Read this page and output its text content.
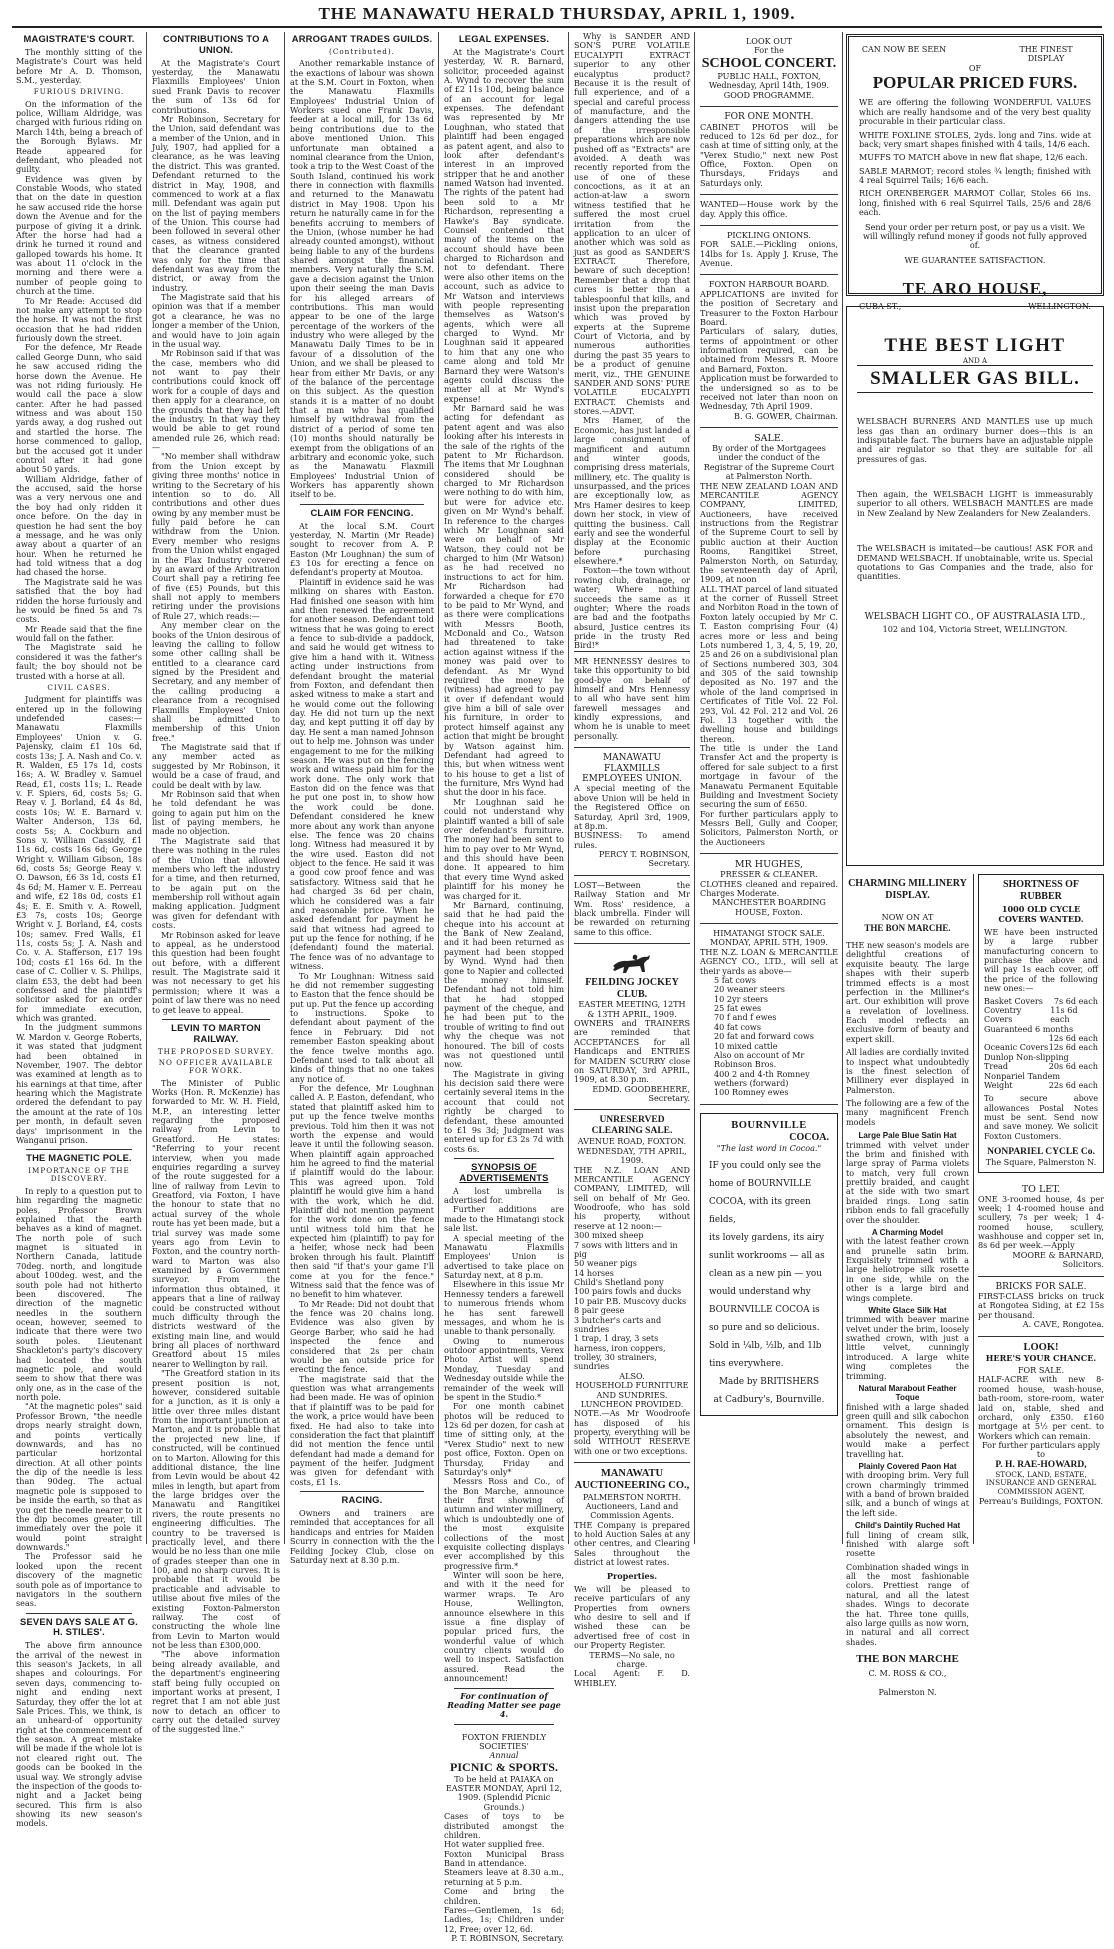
THE MANAWATU HERALD THURSDAY, APRIL 1, 1909.
MAGISTRATE'S COURT.

The monthly sitting of the Magistrate's Court was held before Mr A. D. Thomson, S.M., yesterday.

FURIOUS DRIVING.

On the information of the police, William Aldridge, was charged with furious riding on March 14th, being a breach of the Borough Bylaws. Mr Reade appeared for defendant, who pleaded not guilty.

Evidence was given by Constable Woods, who stated that on the date in question he saw accused ride the horse down the Avenue and for the purpose of giving it a drink. After the horse had had a drink he turned it round and galloped towards his home. It was about 11 o'clock in the morning and there were a number of people going to church at the time.

To Mr Reade: Accused did not make any attempt to stop the horse. It was not the first occasion that he had ridden furiously down the street.

For the defence, Mr Reade called George Dunn, who said he saw accused riding the horse down the Avenue. He was not riding furiously. He would call the pace a slow canter. After he had passed witness and was about 150 yards away, a dog rushed out and startled the horse. The horse commenced to gallop, but the accused got it under control after it had gone about 50 yards.

William Aldridge, father of the accused, said the horse was a very nervous one and the boy had only ridden it once before. On the day in question he had sent the boy a message, and he was only away about a quarter of an hour. When he returned he had told witness that a dog had chased the horse.

The Magistrate said he was satisfied that the boy had ridden the horse furiously and he would be fined 5s and 7s costs.

Mr Reade said that the fine would fall on the father.

The Magistrate said he considered it was the father's fault; the boy should not be trusted with a horse at all.

CIVIL CASES.

Judgment for plaintiffs was entered up in the following undefended cases:—Manawatu Flaxmills Employees' Union v. G. Pajensky, claim £1 10s 6d, costs 13s; J. A. Nash and Co. v. R. Walden, £5 17s 1d, costs 16s; A. W. Bradley v. Samuel Read, £1, costs 11s; L. Reade v. F. Spiers, 6d, costs 5s; G. Reay v. J. Borland, £4 4s 8d, costs 10s; W. E. Barnard v. Walter Anderson, 13s 6d, costs 5s; A. Cockburn and Sons v. William Cassidy, £1 11s 6d, costs 16s 6d; George Wright v. William Gibson, 18s 6d, costs 5s; George Reay v. O. Dawson, £6 3s 1d, costs £1 4s 6d; M. Hamer v. E. Perreau and wife, £2 18s 0d, costs £1 4s; E. E. Smith v. A. Rowell, £3 7s, costs 10s; George Wright v. J. Borland, £4, costs 10s; samev. Fred Walls, £1 11s, costs 5s; J. A. Nash and Co. v. A. Stafferson, £17 19s 10d; costs £1 16s 6d. In the case of C. Collier v. S. Philips, claim £53, the debt had been confessed and the plaintiff's solicitor asked for an order for immediate execution, which was granted.

In the judgment summons W. Mardon v. George Roberts, it was stated that judgment had been obtained in November, 1907. The debtor was examined at length as to his earnings at that time, after hearing which the Magistrate ordered the defendant to pay the amount at the rate of 10s per month, in default seven days' imprisonment in the Wanganui prison.

THE MAGNETIC POLE.
IMPORTANCE OF THE DISCOVERY.

In reply to a question put to him regarding the magnetic poles, Professor Brown explained that the earth behaves as a kind of magnet. The north pole of such magnet is situated in Northern Canada, latitude 70deg. north, and longitude about 100deg. west, and the south pole had not hitherto been discovered. The direction of the magnetic needles in the southern ocean, however, seemed to indicate that there were two south poles. Lieutenant Shackleton's party's discovery had located the south magnetic pole, and would seem to show that there was only one, as in the case of the north pole.

"At the magnetic poles" said Professor Brown, "the needle drops nearly straight down, and points vertically downwards, and has no particular horizontal direction. At all other points the dip of the needle is less than 90deg. The actual magnetic pole is supposed to be inside the earth, so that as you get the needle nearer to it the dip becomes greater, till immediately over the pole it would point straight downwards."

The Professor said he looked upon the recent discovery of the magnetic south pole as of importance to navigators in the southern seas.

SEVEN DAYS SALE AT G. H. STILES'.

The above firm announce the arrival of the newest in this season's Jackets, in all shapes and colourings. For seven days, commencing to-night and ending next Saturday, they offer the lot at Sale Prices. This, we think, is an unheard-of opportunity right at the commencement of the season. A great mistake will be made if the whole lot is not cleared right out. The goods can be booked in the usual way. We strongly advise the inspection of the goods to-night and a Jacket being secured. This firm is also showing its new season's models.

CONTRIBUTIONS TO A UNION.

At the Magistrate's Court yesterday, the Manawatu Flaxmills Employees' Union sued Frank Davis to recover the sum of 13s 6d for contributions.

Mr Robinson, Secretary for the Union, said defendant was a member of the Union, and in July, 1907, had applied for a clearance, as he was leaving the district. This was granted. Defendant returned to the district in May, 1908, and commenced to work at a flax mill. Defendant was again put on the list of paying members of the Union. This course had been followed in several other cases, as witness considered that the clearance granted was only for the time that defendant was away from the district, or away from the industry.

The Magistrate said that his opinion was that if a member got a clearance, he was no longer a member of the Union, and would have to join again in the usual way.

Mr Robinson said if that was the case, members who did not want to pay their contributions could knock off work for a couple of days and then apply for a clearance, on the grounds that they had left the industry. In that way they would be able to get round amended rule 26, which read:—

"No member shall withdraw from the Union except by giving three months' notice in writing to the Secretary of his intention so to do. All contributions and other dues owing by any member must be fully paid before he can withdraw from the Union. Every member who resigns from the Union whilst engaged in the Flax Industry covered by an award of the Arbitration Court shall pay a retiring fee of five (£5) Pounds, but this shall not apply to members retiring under the provisions of Rule 27, which reads:—

Any member clear on the books of the Union desirous of leaving the calling to follow some other calling shall be entitled to a clearance card signed by the President and Secretary, and any member of the calling producing a clearance from a recognised Flaxmills Employees' Union shall be admitted to membership of this Union free."

The Magistrate said that if any member acted as suggested by Mr Robinson, it would be a case of fraud, and could be dealt with by law.

Mr Robinson said that when he told defendant he was going to again put him on the list of paying members, he made no objection.

The Magistrate said that there was nothing in the rules of the Union that allowed members who left the industry for a time, and then returned, to be again put on the membership roll without again making application. Judgment was given for defendant with costs.

Mr Robinson asked for leave to appeal, as he understood this question had been fought out before, with a different result. The Magistrate said it was not necessary to get his permission; where it was a point of law there was no need to get leave to appeal.

LEVIN TO MARTON RAILWAY.
THE PROPOSED SURVEY.
NO OFFICER AVAILABLE FOR WORK.

The Minister of Public Works (Hon. R. McKenzie) has forwarded to Mr. W. H. Field, M.P., an interesting letter regarding the proposed railway from Levin to Greatford. He states: "Referring to your recent interview, when you made enquiries regarding a survey of the route suggested for a line of railway from Levin to Greatford, via Foxton, I have the honour to state that no actual survey of the whole route has yet been made, but a trial survey was made some years ago from Levin to Foxton, and the country north-ward to Marton was also examined by a Government surveyor. From the information thus obtained, it appears that a line of railway could be constructed without much difficulty through the districts westward of the existing main line, and would bring all places of northward Greatford about 15 miles nearer to Wellington by rail.

"The Greatford station in its present position is not, however, considered suitable for a junction, as it is only a little over three miles distant from the important junction at Marton, and it is probable that the projected new line, if constructed, will be continued on to Marton. Allowing for this additional distance, the line from Levin would be about 42 miles in length, but apart from the large bridges over the Manawatu and Rangitikei rivers, the route presents no engineering difficulties. The country to be traversed is practically level, and there would be no less than one mile of grades steeper than one in 100, and no sharp curves. It is probable that it would be practicable and advisable to utilise about five miles of the existing Foxton-Palmerston railway. The cost of constructing the whole line from Levin to Marton would not be less than £300,000.

"The above information being already available, and the department's engineering staff being fully occupied on important works at present, I regret that I am not able just now to detach an officer to carry out the detailed survey of the suggested line."

ARROGANT TRADES GUILDS.
(Contributed).

Another remarkable instance of the exactions of labour was shown at the S.M. Court in Foxton, when the Manawatu Flaxmills Employees' Industrial Union of Workers sued one Frank Davis, feeder at a local mill, for 13s 6d being contributions due to the above mentioned Union. This unfortunate man obtained a nominal clearance from the Union, took a trip to the West Coast of the South Island, continued his work there in connection with flaxmills and returned to the Manawatu district in May 1908. Upon his return he naturally came in for the benefits accruing to members of the Union, (whose number he had already counted amongst), without being liable to any of the burdens shared amongst the financial members. Very naturally the S.M. gave a decision against the Union upon their seeing the man Davis for his alleged arrears of contributions. This man would appear to be one of the large percentage of the workers of the industry who were alleged by the Manawatu Daily Times to be in favour of a dissolution of the Union, and we shall be pleased to hear from either Mr Davis, or any of the balance of the percentage on this subject. As the question stands it is a matter of no doubt that a man who has qualified himself by withdrawal from the district of a period of some ten (10) months should naturally be exempt from the obligations of an arbitrary and economic yoke, such as the Manawatu Flaxmill Employees' Industrial Union of Workers has apparently shown itself to be.

CLAIM FOR FENCING.

At the local S.M. Court yesterday, N. Martin (Mr Reade) sought to recover from A. P. Easton (Mr Loughnan) the sum of £3 10s for erecting a fence on defendant's property at Moutoa.

Plaintiff in evidence said he was milking on shares with Easton. Had finished one season with him and then renewed the agreement for another season. Defendant told witness that he was going to erect a fence to sub-divide a paddock, and said he would get witness to give him a hand with it. Witness acting under instructions from defendant brought the material from Foxton, and defendant then asked witness to make a start and he would come out the following day. He did not turn up the next day, and kept putting it off day by day. He sent a man named Johnson out to help me. Johnson was under engagement to me for the milking season. He was put on the fencing work and witness paid him for the work done. The only work that Easton did on the fence was that he put one post in, to show how the work could be done. Defendant considered he knew more about any work than anyone else. The fence was 20 chains long. Witness had measured it by the wire used. Easton did not object to the fence. He said it was a good cow proof fence and was satisfactory. Witness said that he had charged 3s 6d per chain, which he considered was a fair and reasonable price. When he asked defendant for payment he said that witness had agreed to put up the fence for nothing, if he (defendant) found the material. The fence was of no advantage to witness.

To Mr Loughnan: Witness said he did not remember suggesting to Easton that the fence should be put up. Put the fence up according to instructions. Spoke to defendant about payment of the fence in February. Did not remember Easton speaking about the fence twelve months ago. Defendant used to talk about all kinds of things that no one takes any notice of.

For the defence, Mr Loughnan called A. P. Easton, defendant, who stated that plaintiff asked him to put up the fence twelve months previous. Told him then it was not worth the expense and would leave it until the following season. When plaintiff again approached him he agreed to find the material if plaintiff would do the labour. This was agreed upon. Told plaintiff he would give him a hand with the work, which he did. Plaintiff did not mention payment for the work done on the fence until witness told him that he expected him (plaintiff) to pay for a heifer, whose neck had been broken through his fault. Plaintiff then said "if that's your game I'll come at you for the fence." Witness said that the fence was of no benefit to him whatever.

To Mr Reade: Did not doubt that the fence was 20 chains long. Evidence was also given by George Barber, who said he had inspected the fence and considered that 2s per chain would be an outside price for erecting the fence.

The magistrate said that the question was what arrangements had been made. He was of opinion that if plaintiff was to be paid for the work, a price would have been fixed. He had also to take into consideration the fact that plaintiff did not mention the fence until defendant had made a demand for payment of the heifer. Judgment was given for defendant with costs, £1 1s.

RACING.

Owners and trainers are reminded that acceptances for all handicaps and entries for Maiden Scurry in connection with the the Feilding Jockey Club, close on Saturday next at 8.30 p.m.

LEGAL EXPENSES.

At the Magistrate's Court yesterday, W. R. Barnard, solicitor, proceeded against A. Wynd to recover the sum of £2 11s 10d, being balance of an account for legal expenses. The defendant was represented by Mr Loughnan, who stated that plaintiff had been engaged as patent agent, and also to look after defendant's interest in an improved stripper that he and another named Watson had invented. The rights of the patent had been sold to a Mr Richardson, representing a Hawke's Bay syndicate. Counsel contended that many of the items on the account should have been charged to Richardson and not to defendant. There were also other items on the account, such as advice to Mr Watson and interviews with people representing themselves as Watson's agents, which were all charged to Wynd. Mr Loughnan said it appeared to him that any one who came along and told Mr Barnard they were Watson's agents could discuss the matter all at Mr Wynd's expense!

Mr Barnard said he was acting for defendant as patent agent and was also looking after his interests in the sale of the rights of the patent to Mr Richardson. The items that Mr Loughnan considered should be charged to Mr Richardson were nothing to do with him, but were for advice etc. given on Mr Wynd's behalf. In reference to the charges which Mr Loughnan said were on behalf of Mr Watson, they could not be charged to him (Mr Watson) as he had received no instructions to act for him. Mr Richardson had forwarded a cheque for £70 to be paid to Mr Wynd, and as there were complications with Messrs Booth, McDonald and Co., Watson had threatened to take action against witness if the money was paid over to defendant. As Mr Wynd required the money he (witness) had agreed to pay it over if defendant would give him a bill of sale over his furniture, in order to protect himself against any action that might be brought by Watson against him. Defendant had agreed to this, but when witness went to his house to get a list of the furniture, Mrs Wynd had shut the door in his face.

Mr Loughnan said he could not understand why plaintiff wanted a bill of sale over defendant's furniture. The money had been sent to him to pay over to Mr Wynd, and this should have been done. It appeared to him that every time Wynd asked plaintiff for his money he was charged for it.

Mr Barnard, continuing, said that he had paid the cheque into his account at the Bank of New Zealand, and it had been returned as payment had been stopped by Wynd. Wynd had then gone to Napier and collected the money himself. Defendant had not told him that he had stopped payment of the cheque, and he had been put to the trouble of writing to find out why the cheque was not honoured. The bill of costs was not questioned until now.

The Magistrate in giving his decision said there were certainly several items in the account that could not rightly be charged to defendant, these amounted to £1 9s 3d; Judgment was entered up for £3 2s 7d with costs 6s.

SYNOPSIS OF ADVERTISEMENTS

A lost umbrella is advertised for.

Further additions are made to the Himatangi stock sale list.

A special meeting of the Manawatu Flaxmills Employees' Union is advertised to take place on Saturday next, at 8 p.m.

Elsewhere in this issue Mr Hennessy tenders a farewell to numerous friends whom he has sent farewell messages, and whom he is unable to thank personally.

Owing to numerous outdoor appointments, Verex Photo Artist will spend Monday, Tuesday and Wednesday outside while the remainder of the week will be spent in the Studio.*

For one month cabinet photos will be reduced to 12s 6d per dozen, for cash at time of sitting only, at the "Verex Studio" next to new post office, Foxton. Open on Thursday, Friday and Saturday's only*

Messrs Ross and Co., of the Bon Marche, announce their first showing of autumn and winter millinery, which is undoubtedly one of the most exquisite collections of the most exquisite collecting displays ever accomplished by this progressive firm.*

Winter will soon be here, and with it the need for warmer wraps. Te Aro House, Wellington, announce elsewhere in this issue a fine display of popular priced furs, the wonderful value of which country clients would do well to inspect. Satisfaction assured. Read the announcement!

For continuation of Reading Matter see page 4.
FOXTON FRIENDLY SOCIETIES'
Annual
PICNIC & SPORTS.

To be held at PAIAKA on EASTER MONDAY, April 12, 1909. (Splendid Picnic Grounds.)

Cases of toys to be distributed amongst the children.

Hot water supplied free.

Foxton Municipal Brass Band in attendance.

Steamers leave at 8.30 a.m., returning at 5 p.m.

Come and bring the children.

Fares—Gentlemen, 1s 6d; Ladies, 1s; Children under 12, Free; over 12, 6d.

P. T. ROBINSON, Secretary.

Why is SANDER AND SON'S PURE VOLATILE EUCALYPTI EXTRACT superior to any other eucalyptus product? Because it is the result of full experience, and of a special and careful process of manufacture, and the dangers attending the use of the irresponsible preparations which are now pushed off as "Extracts" are avoided. A death was recently reported from the use of one of these concoctions, as it at an action-at-law a sworn witness testified that he suffered the most cruel irritation from the application to an ulcer of another which was sold as just as good as SANDER'S EXTRACT. Therefore, beware of such deception! Remember that a drop that cures is better than a tablespoonful that kills, and insist upon the preparation which was proved by experts at the Supreme Court of Victoria, and by numerous authorities during the past 35 years to be a product of genuine merit, viz., THE GENUINE SANDER AND SONS' PURE VOLATILE EUCALYPTI EXTRACT. Chemists and stores.—ADVT.

Mrs Hamer, of the Economic, has just landed a large consignment of magnificent and autumn and winter goods, comprising dress materials, millinery, etc. The quality is unsurpassed, and the prices are exceptionally low, as Mrs Hamer desires to keep down her stock, in view of quitting the business. Call early and see the wonderful display at the Economic before purchasing elsewhere.*

Foxton—the town without rowing club, drainage, or water; Where nothing succeeds the same as it oughter; Where the roads are bad and the footpaths absurd, Justice centres its pride in the trusty Red Bird!*

MR HENNESSY desires to take this opportunity to bid good-bye on behalf of himself and Mrs Hennessy to all who have sent him farewell messages and kindly expressions, and whom he is unable to meet personally.

MANAWATU FLAXMILLS EMPLOYEES UNION.

A special meeting of the above Union will be held in the Registered Office on Saturday, April 3rd, 1909, at 8p.m.

BUSINESS: To amend rules.

PERCY T. ROBINSON, Secretary.

LOST—Between the Railway Station and Mr Wm. Ross' residence, a black umbrella. Finder will be rewarded on returning same to this office.

FEILDING JOCKEY CLUB.
EASTER MEETING, 12TH & 13TH APRIL, 1909.

OWNERS and TRAINERS are reminded that ACCEPTANCES for all Handicaps and ENTRIES for MAIDEN SCURRY close on SATURDAY, 3rd APRIL, 1909, at 8.30 p.m.

EDMD. GOODBEHERE, Secretary.

UNRESERVED CLEARING SALE.
AVENUE ROAD, FOXTON.
WEDNESDAY, 7TH APRIL, 1909.

THE N.Z. LOAN AND MERCANTILE AGENCY COMPANY, LIMITED, will sell on behalf of Mr Geo. Woodroofe, who has sold his property, without reserve at 12 noon:—

300 mixed sheep
7 sows with litters and in pig
50 weaner pigs
14 horses
Child's Shetland pony
100 pairs fowls and ducks
10 pair P.B. Muscovy ducks
8 pair geese
3 butcher's carts and sundries
1 trap, 1 dray, 3 sets harness, iron coppers, trolley, 30 strainers, sundries
ALSO.
HOUSEHOLD FURNITURE AND SUNDRIES.
LUNCHEON PROVIDED.

NOTE.—As Mr Woodroofe has disposed of his property, everything will be sold WITHOUT RESERVE with one or two exceptions.

MANAWATU AUCTIONEERING CO.,
PALMERSTON NORTH.
Auctioneers, Land and Commission Agents.

THE Company is prepared to hold Auction Sales at any other centres, and Clearing Sales throughout the district at lowest rates.

Properties.

We will be pleased to receive particulars of any Properties from owners who desire to sell and if wished these can be advertised free of cost in our Property Register.

TERMS—No sale, no charge.

Local Agent: F. D. WHIBLEY.

LOOK OUT
For the
SCHOOL CONCERT.
PUBLIC HALL, FOXTON,
Wednesday, April 14th, 1909.
GOOD PROGRAMME.
FOR ONE MONTH.

CABINET PHOTOS will be reduced to 12s 6d per doz., for cash at time of sitting only, at the "Verex Studio," next new Post Office, Foxton. Open on Thursdays, Fridays and Saturdays only.

WANTED—House work by the day. Apply this office.

PICKLING ONIONS.

FOR SALE.—Pickling onions, 14lbs for 1s. Apply J. Kruse, The Avenue.

FOXTON HARBOUR BOARD.

APPLICATIONS are invited for the position of Secretary and Treasurer to the Foxton Harbour Board.

Particulars of salary, duties, terms of appointment or other information required, can be obtained from Messrs R. Moore and Barnard, Foxton.

Application must be forwarded to the undersigned so as to be received not later than noon on Wednesday, 7th April 1909.

B. G. GOWER, Chairman.

SALE.

By order of the Mortgagees under the conduct of the Registrar of the Supreme Court at Palmerston North.

THE NEW ZEALAND LOAN AND MERCANTILE AGENCY COMPANY, LIMITED, Auctioneers, have received instructions from the Registrar of the Supreme Court to sell by public auction at their Auction Rooms, Rangitikei Street, Palmerston North, on Saturday, the seventeenth day of April, 1909, at noon

ALL THAT parcel of land situated at the corner of Russell Street and Norbiton Road in the town of Foxton lately occupied by Mr C. T. Easton comprising Four (4) acres more or less and being Lots numbered 1, 3, 4, 5, 19, 20, 25 and 26 on a subdivisional plan of Sections numbered 303, 304 and 305 of the said township deposited as No. 197 and the whole of the land comprised in Certificates of Title Vol. 22 Fol. 293, Vol. 42 Fol. 212 and Vol. 26 Fol. 13 together with the dwelling house and buildings thereon.

The title is under the Land Transfer Act and the property is offered for sale subject to a first mortgage in favour of the Manawatu Permanent Equitable Building and Investment Society securing the sum of £650.

For further particulars apply to Messrs Bell, Gully and Cooper, Solicitors, Palmerston North, or the Auctioneers

MR HUGHES,
PRESSER & CLEANER.

CLOTHES cleaned and repaired. Charges Moderate.

MANCHESTER BOARDING HOUSE, Foxton.

HIMATANGI STOCK SALE.
MONDAY, APRIL 5TH, 1909.

THE N.Z. LOAN & MERCANTILE AGENCY CO., LTD., will sell at their yards as above—

5 fat cows
20 weaner steers
10 2yr steers
25 fat ewes
70 f and f ewes
40 fat cows
20 fat and forward cows
10 mixed cattle
Also on account of Mr Robinson Bros.
400 2 and 4-th Romney wethers (forward)
100 Romney ewes
BOURNVILLE
COCOA.
"The last word in Cocoa."
IF you could only see the
home of BOURNVILLE
COCOA, with its green fields,
its lovely gardens, its airy
sunlit workrooms — all as
clean as a new pin — you
would understand why
BOURNVILLE COCOA is
so pure and so delicious.
Sold in ¼lb, ½lb, and 1lb
tins everywhere.
Made by BRITISHERS
at Cadbury's, Bournville.
CAN NOW BE SEEN	THE FINEST DISPLAY
OF
POPULAR PRICED FURS.

WE are offering the following WONDERFUL VALUES which are really handsome and of the very best quality procurable in their particular class.

WHITE FOXLINE STOLES, 2yds. long and 7ins. wide at back; very smart shapes finished with 4 tails, 14/6 each.

MUFFS TO MATCH above in new flat shape, 12/6 each.

SABLE MARMOT; record stoles ¾ length; finished with 4 real Squirrel Tails; 16/6 each.

RICH ORENBERGER MARMOT Collar, Stoles 66 ins. long, finished with 6 real Squirrel Tails, 25/6 and 28/6 each.

Send your order per return post, or pay us a visit. We will willingly refund money if goods not fully approved of.

WE GUARANTEE SATISFACTION.
TE ARO HOUSE,
CUBA ST.,	WELLINGTON.
THE BEST LIGHT
AND A
SMALLER GAS BILL.

WELSBACH BURNERS AND MANTLES use up much less gas than an ordinary burner does—this is an indisputable fact. The burners have an adjustable nipple and air regulator so that they are suitable for all pressures of gas.

Then again, the WELSBACH LIGHT is immeasurably superior to all others. WELSBACH MANTLES are made in New Zealand by New Zealanders for New Zealanders.

The WELSBACH is imitated—be cautious! ASK FOR and DEMAND WELSBACH. If unobtainable, write us. Special quotations to Gas Companies and the trade, also for quantities.

WELSBACH LIGHT CO., OF AUSTRALASIA LTD.,
102 and 104, Victoria Street, WELLINGTON.
CHARMING MILLINERY DISPLAY.
NOW ON AT
THE BON MARCHE.

THE new season's models are delightful creations of exquisite beauty. The large shapes with their superb trimmed effects is a most perfection in the Milliner's art. Our exhibition will prove a revelation of loveliness. Each model reflects an exclusive form of beauty and expert skill.

All ladies are cordially invited to inspect what undoubtedly is the finest selection of Millinery ever displayed in Palmerston.

The following are a few of the many magnificent French models

Large Pale Blue Satin Hat

trimmed with velvet under the brim and finished with large spray of Parma violets to match, very full crown prettily braided, and caught at the side with two smart braided rings. Long satin ribbon ends to fall gracefully over the shoulder.

A Charming Model

with the latest feather crown and prunelle satin brim. Exquisitely trimmed with a large heliotrope silk rosette in one side, while on the other is a large bird and wings complete.

White Glace Silk Hat

trimmed with beaver marine velvet under the brim, loosely swathed crown, with just a little velvet, cunningly introduced. A large white wing completes the trimming.

Natural Marabout Feather Toque

finished with a large shaded green quill and silk cabochon ornament. This design is absolutely the newest, and would make a perfect travelling hat.

Plainly Covered Paon Hat

with drooping brim. Very full crown charmingly trimmed with a band of brown braided silk, and a bunch of wings at the left side.

Child's Daintily Ruched Hat

full lining of cream silk, finished with alarge soft rosette

Combination shaded wings in all the most fashionable colors. Prettiest range of natural, and all the latest shades. Wings to decorate the hat. Three tone quills, also large quills as now worn, in natural and all correct shades.

THE BON MARCHE
C. M. ROSS & CO.,
Palmerston N.
SHORTNESS OF RUBBER
1000 OLD CYCLE COVERS WANTED.

WE have been instructed by a large rubber manufacturing concern to purchase the above and will pay 1s each cover, off the price of the following new ones:—

Basket Covers 7s 6d each
Coventry Covers
11s 6d each
Guaranteed 6 months
12s 6d each
Oceanic Covers 12s 6d each
Dunlop Non-slipping
Tread	20s 6d each
Nonpariel Tandem
Weight	22s 6d each

To secure above allowances Postal Notes must be sent. Send now and save money. We solicit Foxton Customers.

NONPARIEL CYCLE Co.
The Square, Palmerston N.
TO LET.

ONE 3-roomed house, 4s per week; 1 4-roomed house and scullery, 7s per week; 1 4-roomed house, scullery, washhouse and copper set in, 8s 6d per week.—Apply

MOORE & BARNARD, Solicitors.

BRICKS FOR SALE.

FIRST-CLASS bricks on truck at Rongotea Siding, at £2 15s per thousand.

A. CAVE, Rongotea.

LOOK!
HERE'S YOUR CHANCE.
FOR SALE.

HALF-ACRE with new 8-roomed house, wash-house, bath-room, store-room, water laid on, stable, shed and orchard, only £350. £160 mortgage at 5½ per cent. to Workers which can remain.

For further particulars apply to

P. H. RAE-HOWARD,
STOCK, LAND, ESTATE, INSURANCE AND GENERAL COMMISSION AGENT,
Perreau's Buildings, FOXTON.
